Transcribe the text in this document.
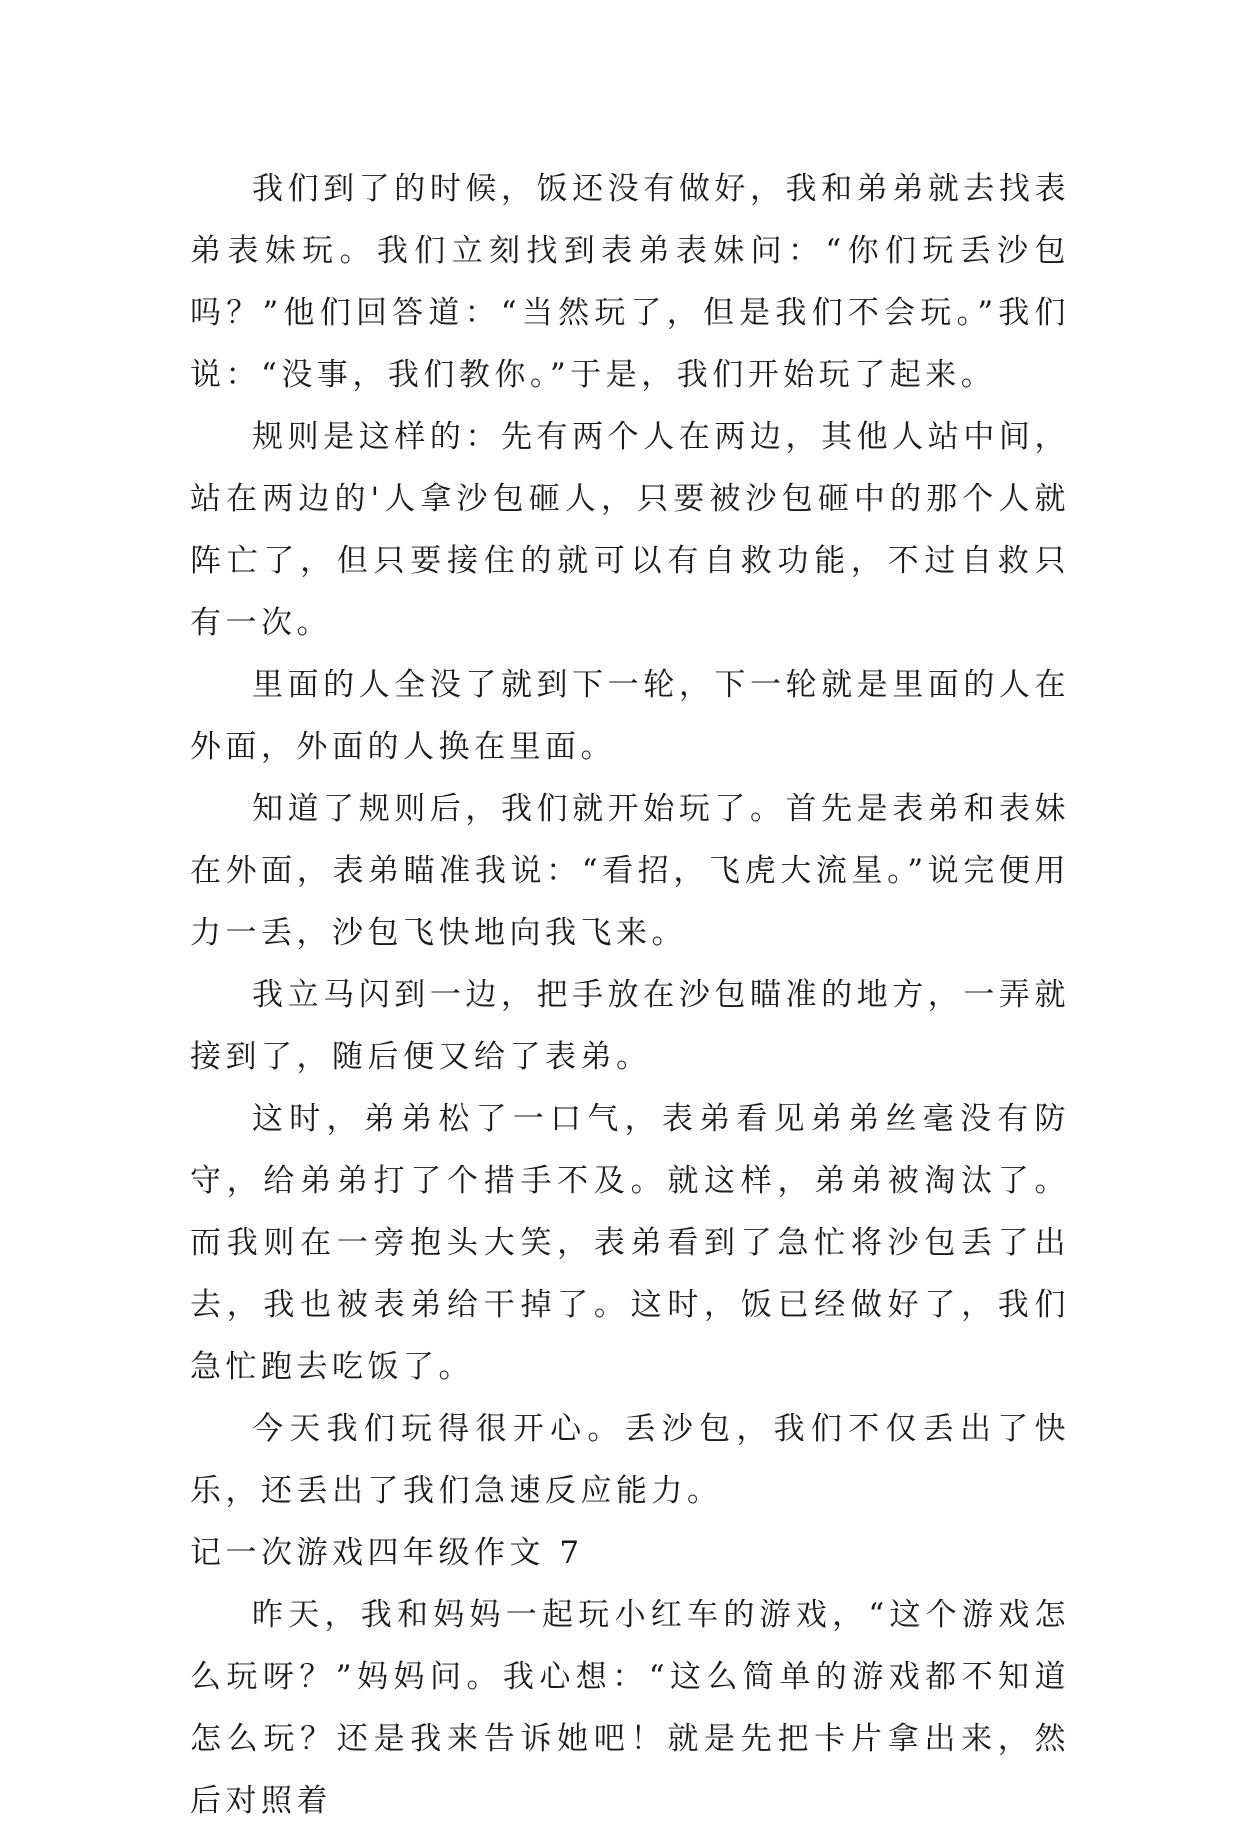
我们到了的时候，饭还没有做好，我和弟弟就去找表弟表妹玩。我们立刻找到表弟表妹问：“你们玩丢沙包吗？”他们回答道：“当然玩了，但是我们不会玩。”我们说：“没事，我们教你。”于是，我们开始玩了起来。

规则是这样的：先有两个人在两边，其他人站中间，站在两边的'人拿沙包砸人，只要被沙包砸中的那个人就阵亡了，但只要接住的就可以有自救功能，不过自救只有一次。

里面的人全没了就到下一轮，下一轮就是里面的人在外面，外面的人换在里面。

知道了规则后，我们就开始玩了。首先是表弟和表妹在外面，表弟瞄准我说：“看招，飞虎大流星。”说完便用力一丢，沙包飞快地向我飞来。

我立马闪到一边，把手放在沙包瞄准的地方，一弄就接到了，随后便又给了表弟。

这时，弟弟松了一口气，表弟看见弟弟丝毫没有防守，给弟弟打了个措手不及。就这样，弟弟被淘汰了。而我则在一旁抱头大笑，表弟看到了急忙将沙包丢了出去，我也被表弟给干掉了。这时，饭已经做好了，我们急忙跑去吃饭了。

今天我们玩得很开心。丢沙包，我们不仅丢出了快乐，还丢出了我们急速反应能力。

记一次游戏四年级作文 7

昨天，我和妈妈一起玩小红车的游戏，“这个游戏怎么玩呀？”妈妈问。我心想：“这么简单的游戏都不知道怎么玩？还是我来告诉她吧！就是先把卡片拿出来，然后对照着
